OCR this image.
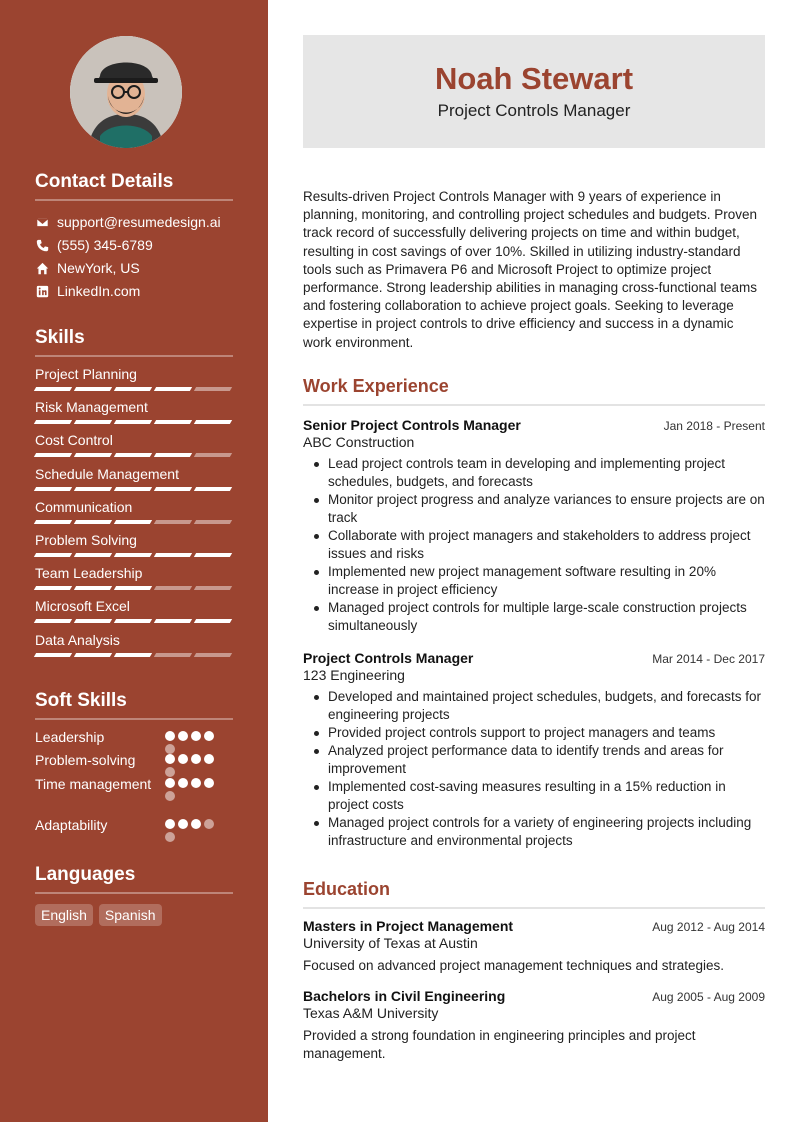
Contact Details
support@resumedesign.ai
(555) 345-6789
NewYork, US
LinkedIn.com
Skills
Project Planning
Risk Management
Cost Control
Schedule Management
Communication
Problem Solving
Team Leadership
Microsoft Excel
Data Analysis
Soft Skills
Leadership
Problem-solving
Time management
Adaptability
Languages
English	Spanish
Noah Stewart
Project Controls Manager
Results-driven Project Controls Manager with 9 years of experience in planning, monitoring, and controlling project schedules and budgets. Proven track record of successfully delivering projects on time and within budget, resulting in cost savings of over 10%. Skilled in utilizing industry-standard tools such as Primavera P6 and Microsoft Project to optimize project performance. Strong leadership abilities in managing cross-functional teams and fostering collaboration to achieve project goals. Seeking to leverage expertise in project controls to drive efficiency and success in a dynamic work environment.
Work Experience
Senior Project Controls Manager	Jan 2018 - Present
ABC Construction
Lead project controls team in developing and implementing project schedules, budgets, and forecasts
Monitor project progress and analyze variances to ensure projects are on track
Collaborate with project managers and stakeholders to address project issues and risks
Implemented new project management software resulting in 20% increase in project efficiency
Managed project controls for multiple large-scale construction projects simultaneously
Project Controls Manager	Mar 2014 - Dec 2017
123 Engineering
Developed and maintained project schedules, budgets, and forecasts for engineering projects
Provided project controls support to project managers and teams
Analyzed project performance data to identify trends and areas for improvement
Implemented cost-saving measures resulting in a 15% reduction in project costs
Managed project controls for a variety of engineering projects including infrastructure and environmental projects
Education
Masters in Project Management	Aug 2012 - Aug 2014
University of Texas at Austin
Focused on advanced project management techniques and strategies.
Bachelors in Civil Engineering	Aug 2005 - Aug 2009
Texas A&M University
Provided a strong foundation in engineering principles and project management.
